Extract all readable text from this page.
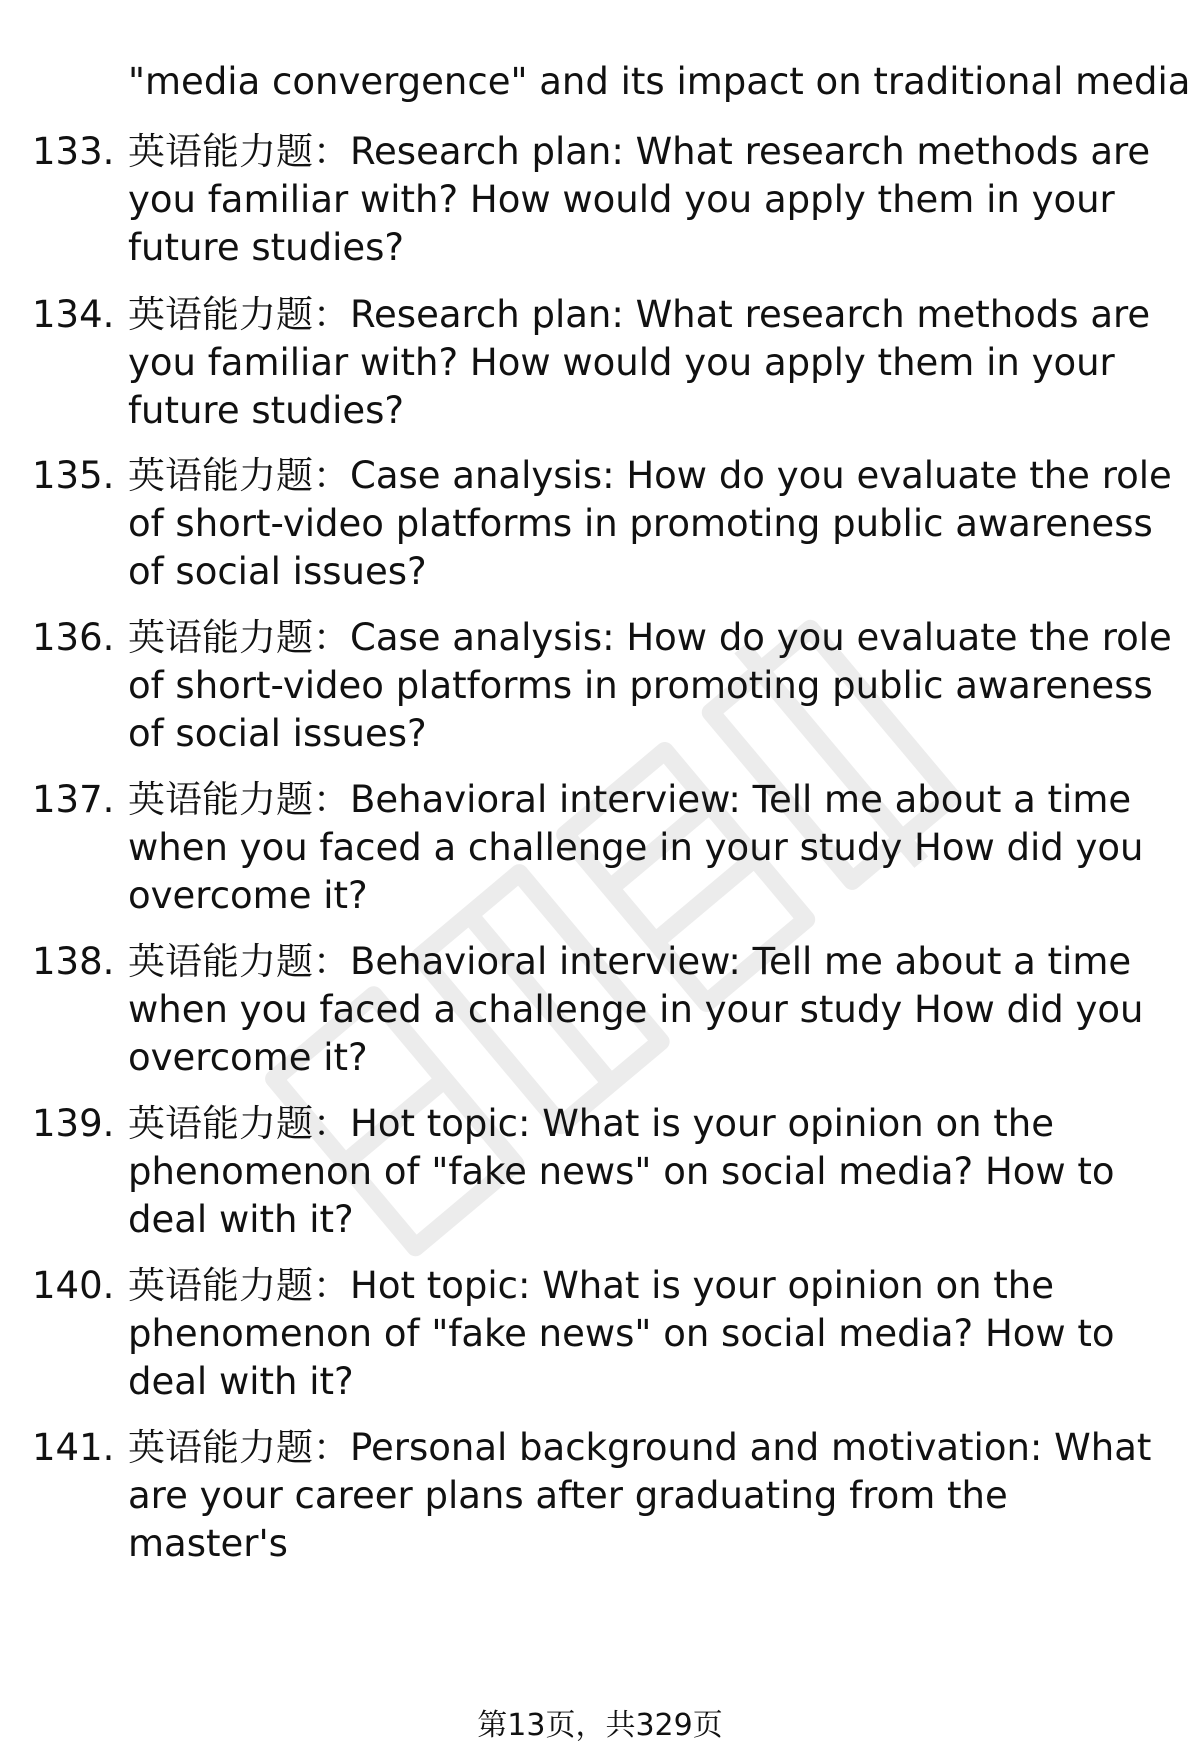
"media convergence" and its impact on traditional media
133. 英语能力题：Research plan: What research methods are you familiar with? How would you apply them in your future studies?
134. 英语能力题：Research plan: What research methods are you familiar with? How would you apply them in your future studies?
135. 英语能力题：Case analysis: How do you evaluate the role of short-video platforms in promoting public awareness of social issues?
136. 英语能力题：Case analysis: How do you evaluate the role of short-video platforms in promoting public awareness of social issues?
137. 英语能力题：Behavioral interview: Tell me about a time when you faced a challenge in your study How did you overcome it?
138. 英语能力题：Behavioral interview: Tell me about a time when you faced a challenge in your study How did you overcome it?
139. 英语能力题：Hot topic: What is your opinion on the phenomenon of "fake news" on social media? How to deal with it?
140. 英语能力题：Hot topic: What is your opinion on the phenomenon of "fake news" on social media? How to deal with it?
141. 英语能力题：Personal background and motivation: What are your career plans after graduating from the master's
第13页，共329页
